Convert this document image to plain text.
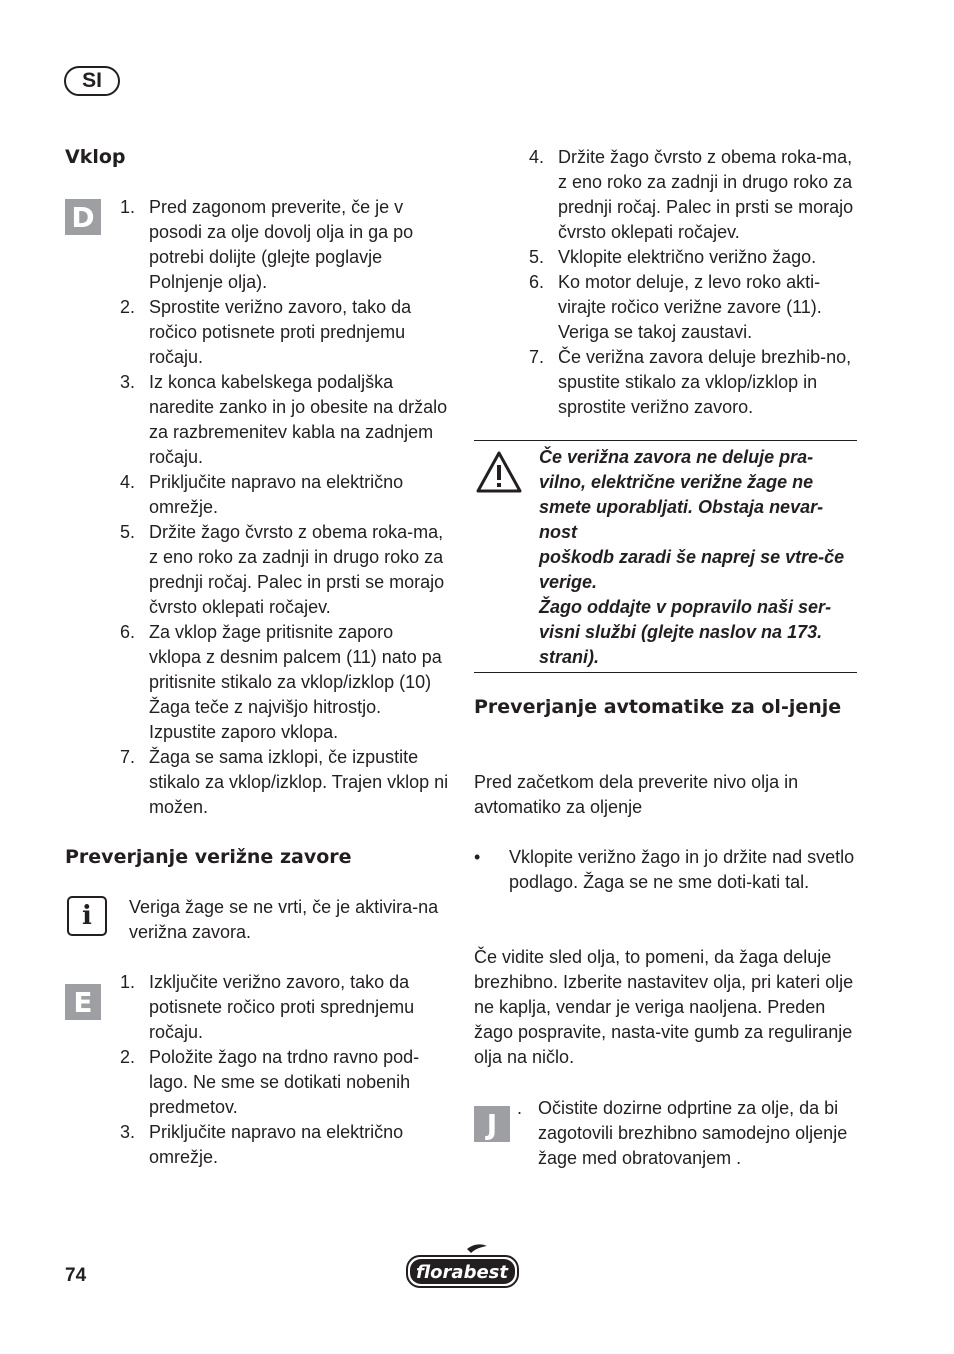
SI
Vklop
D 1. Pred zagonom preverite, če je v posodi za olje dovolj olja in ga po potrebi dolijte (glejte poglavje Polnjenje olja).
2. Sprostite verižno zavoro, tako da ročico potisnete proti prednjemu ročaju.
3. Iz konca kabelskega podaljška naredite zanko in jo obesite na držalo za razbremenitev kabla na zadnjem ročaju.
4. Priključite napravo na električno omrežje.
5. Držite žago čvrsto z obema roka-ma, z eno roko za zadnji in drugo roko za prednji ročaj. Palec in prsti se morajo čvrsto oklepati ročajev.
6. Za vklop žage pritisnite zaporo vklopa z desnim palcem (11) nato pa pritisnite stikalo za vklop/izklop (10) Žaga teče z najvišjo hitrostjo. Izpustite zaporo vklopa.
7. Žaga se sama izklopi, če izpustite stikalo za vklop/izklop. Trajen vklop ni možen.
Preverjanje verižne zavore
i Veriga žage se ne vrti, če je aktivira-na verižna zavora.
E
1. Izključite verižno zavoro, tako da potisnete ročico proti sprednjemu ročaju.
2. Položite žago na trdno ravno pod-lago. Ne sme se dotikati nobenih predmetov.
3. Priključite napravo na električno omrežje.
4. Držite žago čvrsto z obema roka-ma, z eno roko za zadnji in drugo roko za prednji ročaj. Palec in prsti se morajo čvrsto oklepati ročajev.
5. Vklopite električno verižno žago.
6. Ko motor deluje, z levo roko akti-virajte ročico verižne zavore (11). Veriga se takoj zaustavi.
7. Če verižna zavora deluje brezhib-no, spustite stikalo za vklop/izklop in sprostite verižno zavoro.

Če verižna zavora ne deluje pra-vilno, električne verižne žage ne smete uporabljati. Obstaja nevar-nost

poškodb zaradi še naprej se vtre-če verige.

Žago oddajte v popravilo naši ser-visni službi (glejte naslov na 173. strani).

Preverjanje avtomatike za ol-jenje
Pred začetkom dela preverite nivo olja in avtomatiko za oljenje
• Vklopite verižno žago in jo držite nad svetlo podlago. Žaga se ne sme doti-kati tal.
Če vidite sled olja, to pomeni, da žaga deluje brezhibno. Izberite nastavitev olja, pri kateri olje ne kaplja, vendar je veriga naoljena. Preden žago pospravite, nasta-vite gumb za reguliranje olja na ničlo.
J . Očistite dozirne odprtine za olje, da bi zagotovili brezhibno samodejno oljenje žage med obratovanjem .
74	florabest
